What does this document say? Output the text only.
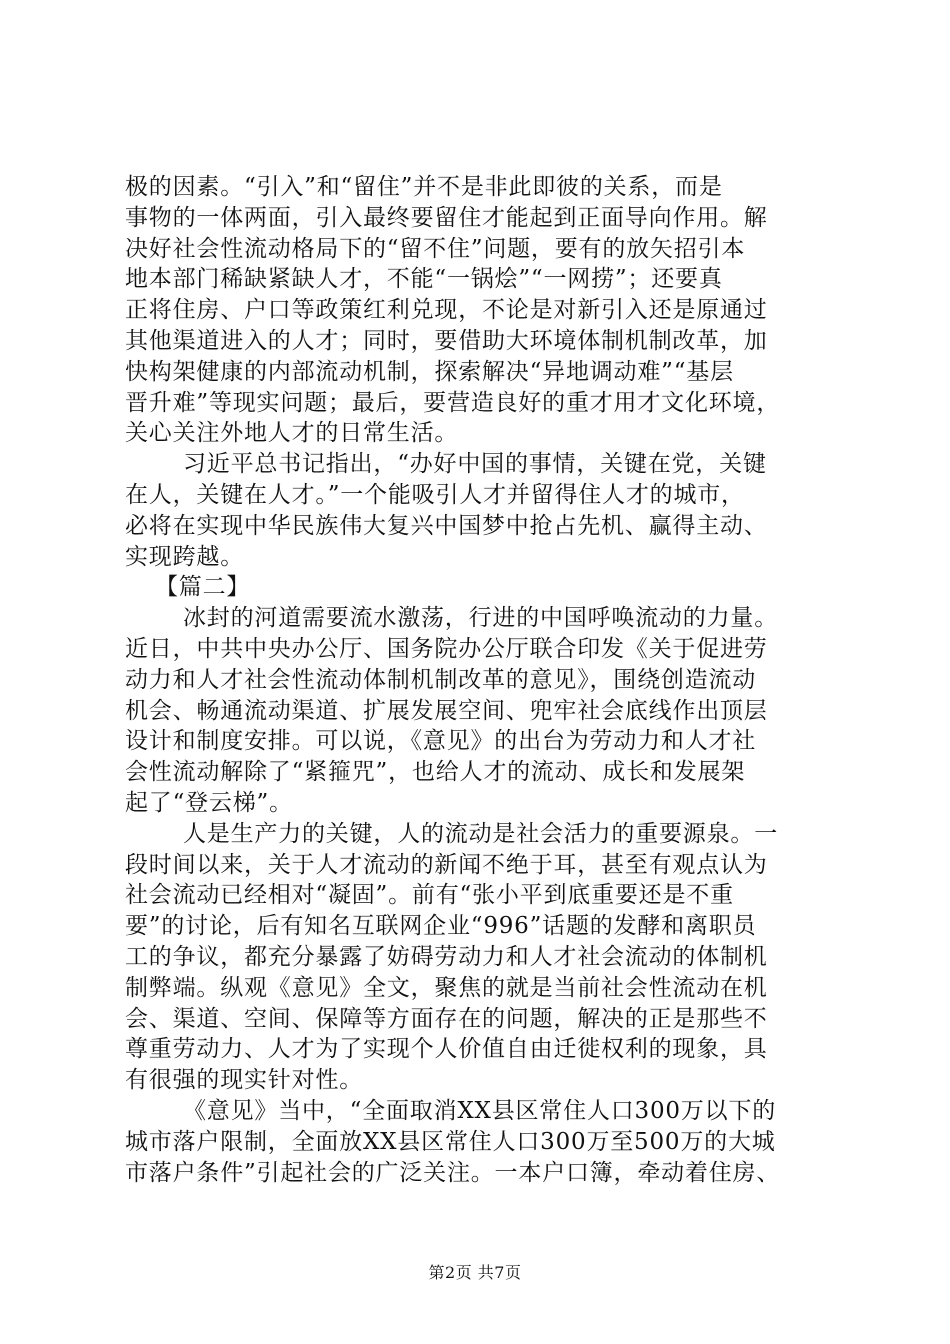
极的因素。“引入”和“留住”并不是非此即彼的关系，而是
事物的一体两面，引入最终要留住才能起到正面导向作用。解
决好社会性流动格局下的“留不住”问题，要有的放矢招引本
地本部门稀缺紧缺人才，不能“一锅烩”“一网捞”；还要真
正将住房、户口等政策红利兑现，不论是对新引入还是原通过
其他渠道进入的人才；同时，要借助大环境体制机制改革，加
快构架健康的内部流动机制，探索解决“异地调动难”“基层
晋升难”等现实问题；最后，要营造良好的重才用才文化环境，
关心关注外地人才的日常生活。
习近平总书记指出，“办好中国的事情，关键在党，关键
在人，关键在人才。”一个能吸引人才并留得住人才的城市，
必将在实现中华民族伟大复兴中国梦中抢占先机、赢得主动、
实现跨越。
【篇二】
冰封的河道需要流水激荡，行进的中国呼唤流动的力量。
近日，中共中央办公厅、国务院办公厅联合印发《关于促进劳
动力和人才社会性流动体制机制改革的意见》，围绕创造流动
机会、畅通流动渠道、扩展发展空间、兜牢社会底线作出顶层
设计和制度安排。可以说，《意见》的出台为劳动力和人才社
会性流动解除了“紧箍咒”，也给人才的流动、成长和发展架
起了“登云梯”。
人是生产力的关键，人的流动是社会活力的重要源泉。一
段时间以来，关于人才流动的新闻不绝于耳，甚至有观点认为
社会流动已经相对“凝固”。前有“张小平到底重要还是不重
要”的讨论，后有知名互联网企业“996”话题的发酵和离职员
工的争议，都充分暴露了妨碍劳动力和人才社会流动的体制机
制弊端。纵观《意见》全文，聚焦的就是当前社会性流动在机
会、渠道、空间、保障等方面存在的问题，解决的正是那些不
尊重劳动力、人才为了实现个人价值自由迁徙权利的现象，具
有很强的现实针对性。
《意见》当中，“全面取消XX县区常住人口300万以下的
城市落户限制，全面放XX县区常住人口300万至500万的大城
市落户条件”引起社会的广泛关注。一本户口簿，牵动着住房、
第2页 共7页
